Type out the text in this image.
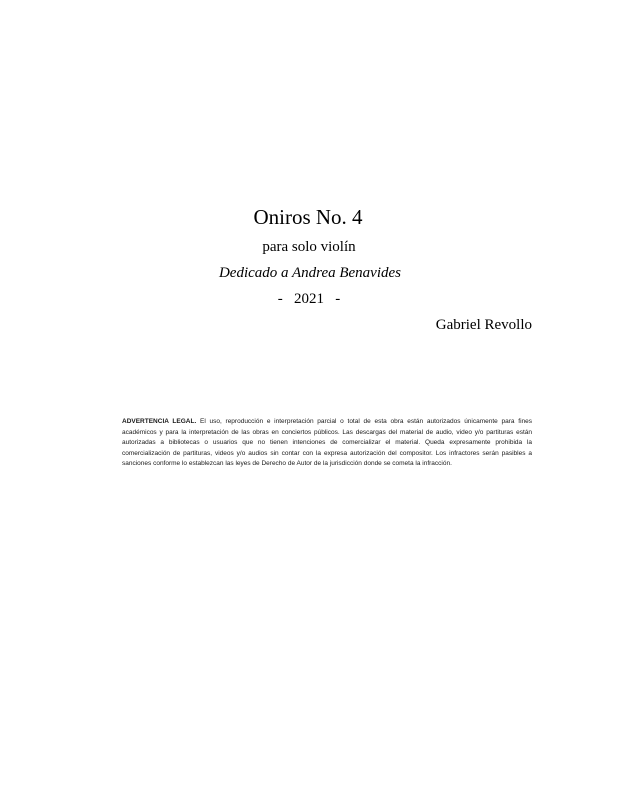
Oniros No. 4
para solo violín
Dedicado a Andrea Benavides
-   2021   -
Gabriel Revollo
ADVERTENCIA LEGAL. El uso, reproducción e interpretación parcial o total de esta obra están autorizados únicamente para fines académicos y para la interpretación de las obras en conciertos públicos. Las descargas del material de audio, video y/o partituras están autorizadas a bibliotecas o usuarios que no tienen intenciones de comercializar el material. Queda expresamente prohibida la comercialización de partituras, videos y/o audios sin contar con la expresa autorización del compositor. Los infractores serán pasibles a sanciones conforme lo establezcan las leyes de Derecho de Autor de la jurisdicción donde se cometa la infracción.
